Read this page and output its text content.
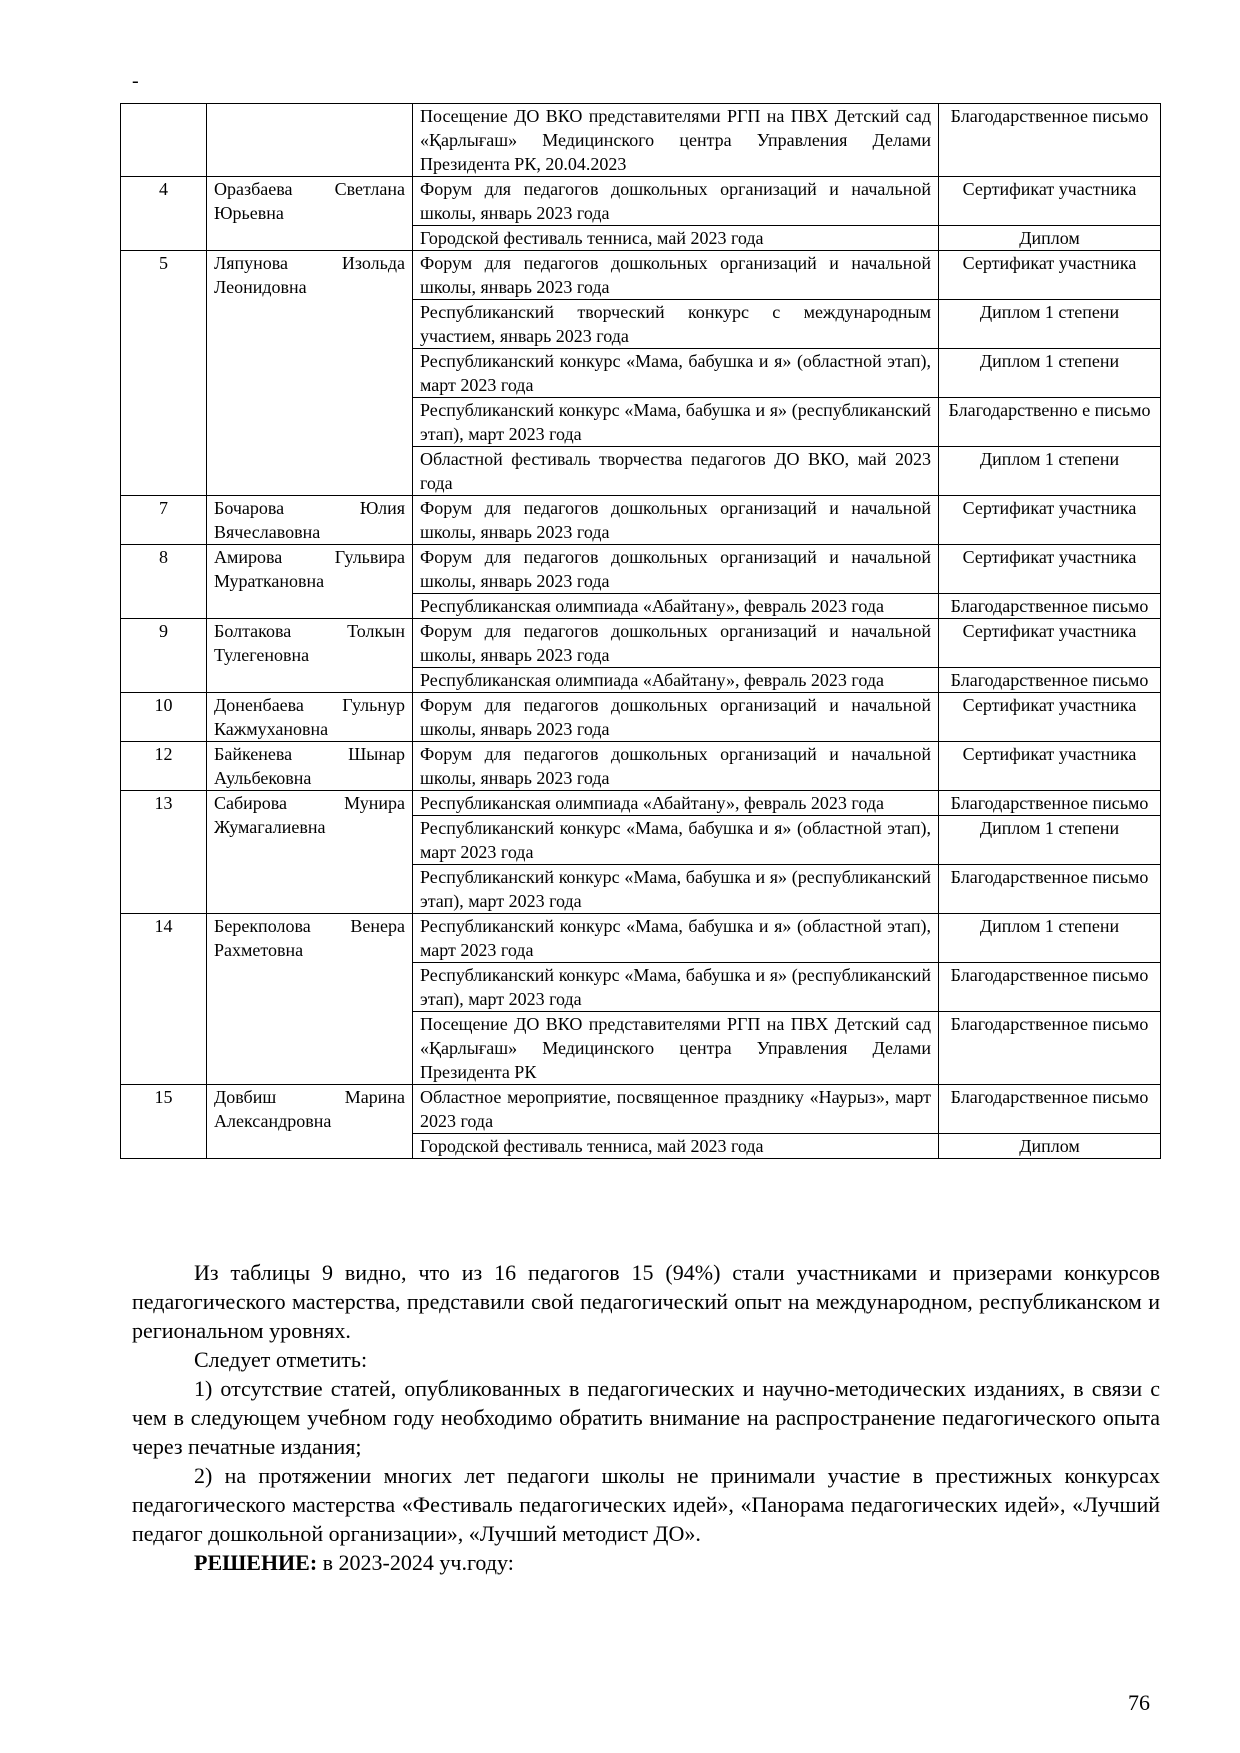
-
		Посещение ДО ВКО представителями РГП на ПВХ Детский сад «Қарлығаш» Медицинского центра Управления Делами Президента РК, 20.04.2023	Благодарственное письмо
4	Оразбаева Светлана Юрьевна	Форум для педагогов дошкольных организаций и начальной школы, январь 2023 года	Сертификат участника
		Городской фестиваль тенниса, май 2023 года	Диплом
5	Ляпунова Изольда Леонидовна	Форум для педагогов дошкольных организаций и начальной школы, январь 2023 года	Сертификат участника
		Республиканский творческий конкурс с международным участием, январь 2023 года	Диплом 1 степени
		Республиканский конкурс «Мама, бабушка и я» (областной этап), март 2023 года	Диплом 1 степени
		Республиканский конкурс «Мама, бабушка и я» (республиканский этап), март 2023 года	Благодарственно е письмо
		Областной фестиваль творчества педагогов ДО ВКО, май 2023 года	Диплом 1 степени
7	Бочарова Юлия Вячеславовна	Форум для педагогов дошкольных организаций и начальной школы, январь 2023 года	Сертификат участника
8	Амирова Гульвира Мураткановна	Форум для педагогов дошкольных организаций и начальной школы, январь 2023 года	Сертификат участника
		Республиканская олимпиада «Абайтану», февраль 2023 года	Благодарственное письмо
9	Болтакова Толкын Тулегеновна	Форум для педагогов дошкольных организаций и начальной школы, январь 2023 года	Сертификат участника
		Республиканская олимпиада «Абайтану», февраль 2023 года	Благодарственное письмо
10	Доненбаева Гульнур Кажмухановна	Форум для педагогов дошкольных организаций и начальной школы, январь 2023 года	Сертификат участника
12	Байкенева Шынар Аульбековна	Форум для педагогов дошкольных организаций и начальной школы, январь 2023 года	Сертификат участника
13	Сабирова Мунира Жумагалиевна	Республиканская олимпиада «Абайтану», февраль 2023 года	Благодарственное письмо
		Республиканский конкурс «Мама, бабушка и я» (областной этап), март 2023 года	Диплом 1 степени
		Республиканский конкурс «Мама, бабушка и я» (республиканский этап), март 2023 года	Благодарственное письмо
14	Берекполова Венера Рахметовна	Республиканский конкурс «Мама, бабушка и я» (областной этап), март 2023 года	Диплом 1 степени
		Республиканский конкурс «Мама, бабушка и я» (республиканский этап), март 2023 года	Благодарственное письмо
		Посещение ДО ВКО представителями РГП на ПВХ Детский сад «Қарлығаш» Медицинского центра Управления Делами Президента РК	Благодарственное письмо
15	Довбиш Марина Александровна	Областное мероприятие, посвященное празднику «Наурыз», март 2023 года	Благодарственное письмо
		Городской фестиваль тенниса, май 2023 года	Диплом

Из таблицы 9 видно, что из 16 педагогов 15 (94%) стали участниками и призерами конкурсов педагогического мастерства, представили свой педагогический опыт на международном, республиканском и региональном уровнях.

Следует отметить:

1) отсутствие статей, опубликованных в педагогических и научно-методических изданиях, в связи с чем в следующем учебном году необходимо обратить внимание на распространение педагогического опыта через печатные издания;

2) на протяжении многих лет педагоги школы не принимали участие в престижных конкурсах педагогического мастерства «Фестиваль педагогических идей», «Панорама педагогических идей», «Лучший педагог дошкольной организации», «Лучший методист ДО».

РЕШЕНИЕ: в 2023-2024 уч.году:

76
